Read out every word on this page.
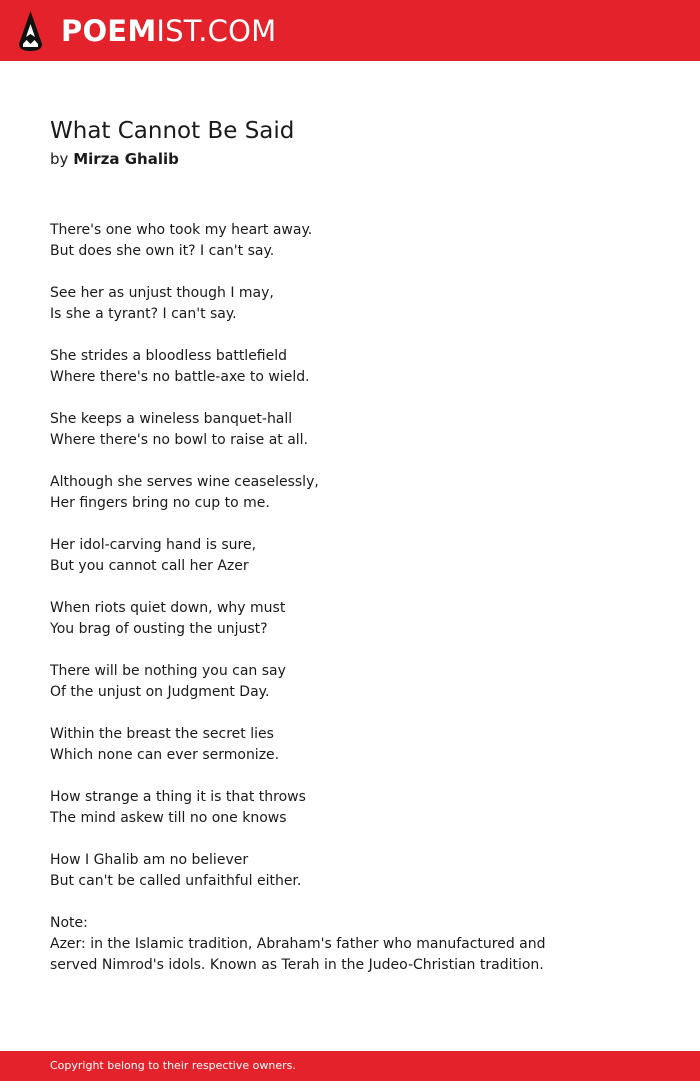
POEMIST.COM
What Cannot Be Said
by Mirza Ghalib
There's one who took my heart away.
But does she own it? I can't say.
See her as unjust though I may,
Is she a tyrant? I can't say.
She strides a bloodless battlefield
Where there's no battle-axe to wield.
She keeps a wineless banquet-hall
Where there's no bowl to raise at all.
Although she serves wine ceaselessly,
Her fingers bring no cup to me.
Her idol-carving hand is sure,
But you cannot call her Azer
When riots quiet down, why must
You brag of ousting the unjust?
There will be nothing you can say
Of the unjust on Judgment Day.
Within the breast the secret lies
Which none can ever sermonize.
How strange a thing it is that throws
The mind askew till no one knows
How I Ghalib am no believer
But can't be called unfaithful either.
Note:
Azer: in the Islamic tradition, Abraham's father who manufactured and
served Nimrod's idols. Known as Terah in the Judeo-Christian tradition.
Copyright belong to their respective owners.
